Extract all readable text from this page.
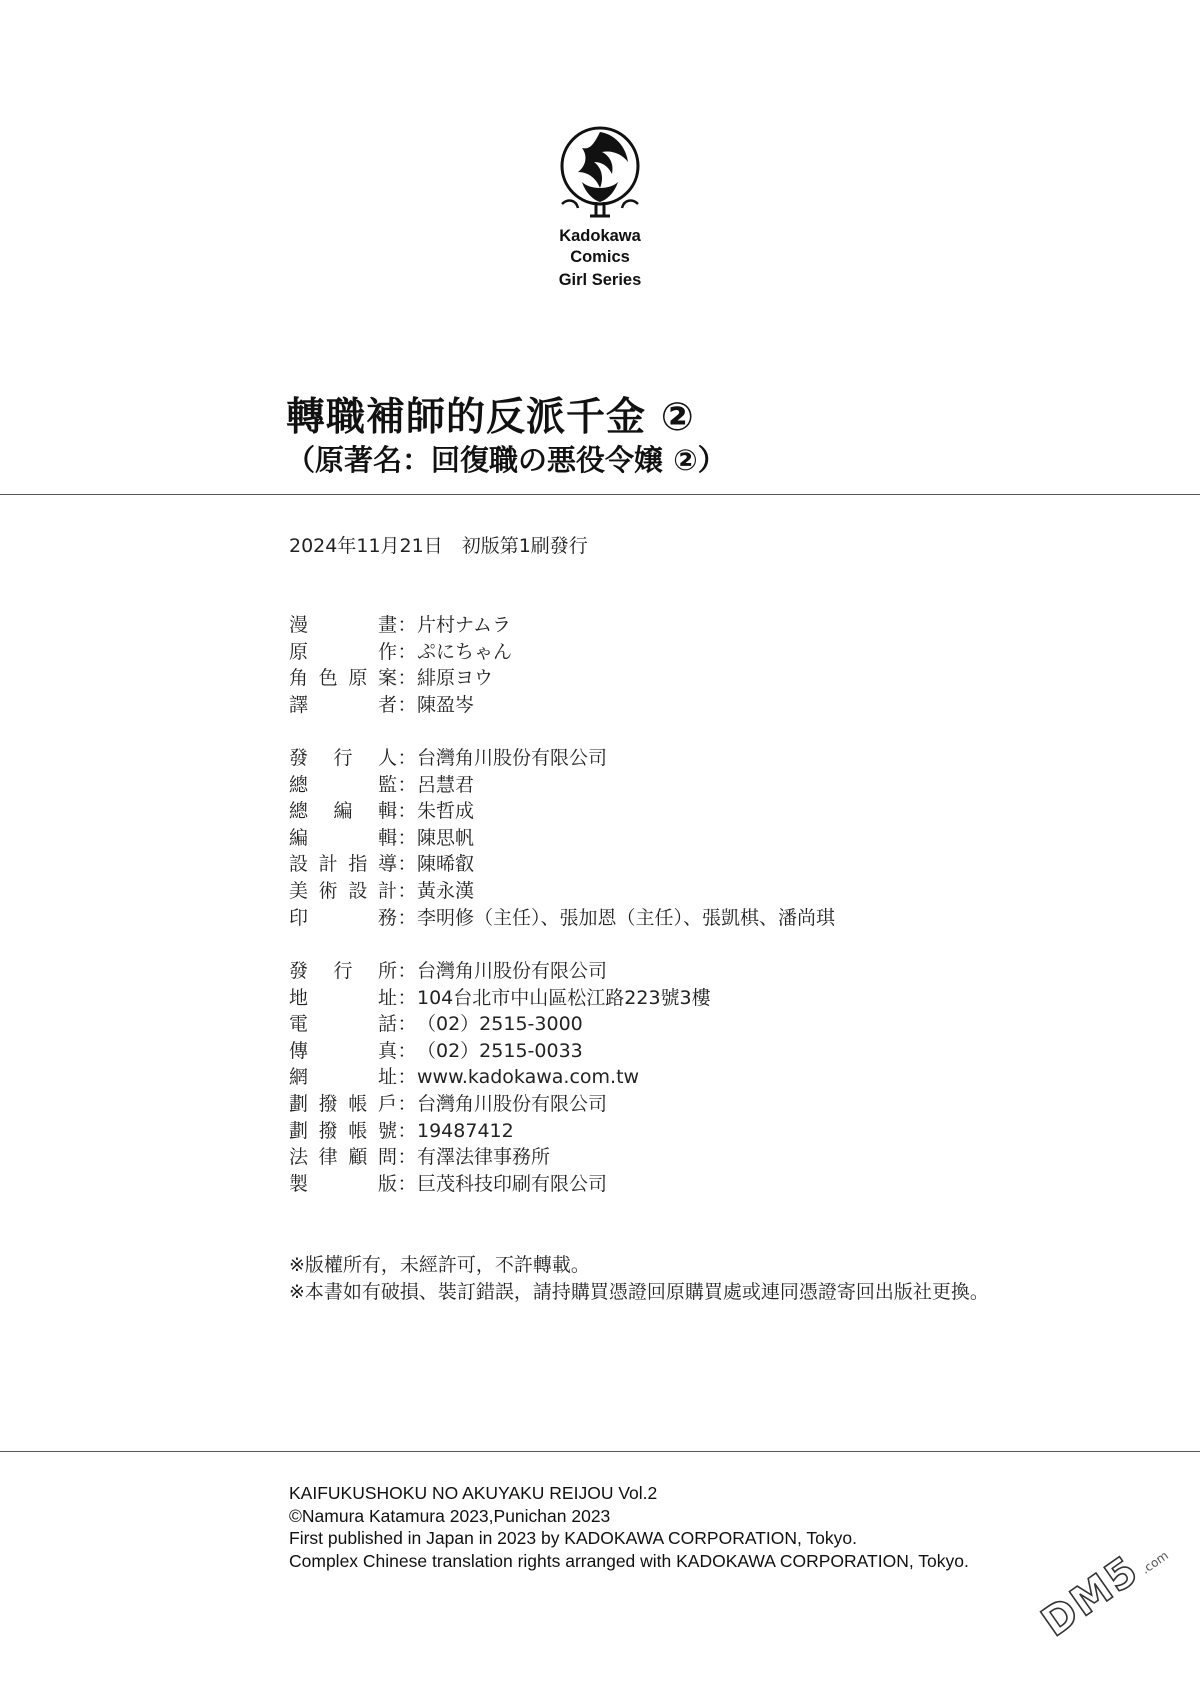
Kadokawa Comics
Girl Series
轉職補師的反派千金 ②
（原著名：回復職の悪役令嬢 ②）
2024年11月21日　初版第1刷發行
漫	畫 ： 片村ナムラ
原	作 ： ぷにちゃん
角 色 原 案 ： 緋原ヨウ
譯	者 ： 陳盈岑
發 行 人 ： 台灣角川股份有限公司
總	監 ： 呂慧君
總 編 輯 ： 朱哲成
編	輯 ： 陳思帆
設 計 指 導 ： 陳晞叡
美 術 設 計 ： 黃永漢
印	務 ： 李明修（主任）、張加恩（主任）、張凱棋、潘尚琪
發 行 所 ： 台灣角川股份有限公司
地	址 ： 104台北市中山區松江路223號3樓
電	話 ： （02）2515-3000
傳	真 ： （02）2515-0033
網	址 ： www.kadokawa.com.tw
劃 撥 帳 戶 ： 台灣角川股份有限公司
劃 撥 帳 號 ： 19487412
法 律 顧 問 ： 有澤法律事務所
製	版 ： 巨茂科技印刷有限公司
※版權所有，未經許可，不許轉載。
※本書如有破損、裝訂錯誤，請持購買憑證回原購買處或連同憑證寄回出版社更換。
KAIFUKUSHOKU NO AKUYAKU REIJOU Vol.2
©Namura Katamura 2023,Punichan 2023
First published in Japan in 2023 by KADOKAWA CORPORATION, Tokyo.
Complex Chinese translation rights arranged with KADOKAWA CORPORATION, Tokyo. DM5.com
